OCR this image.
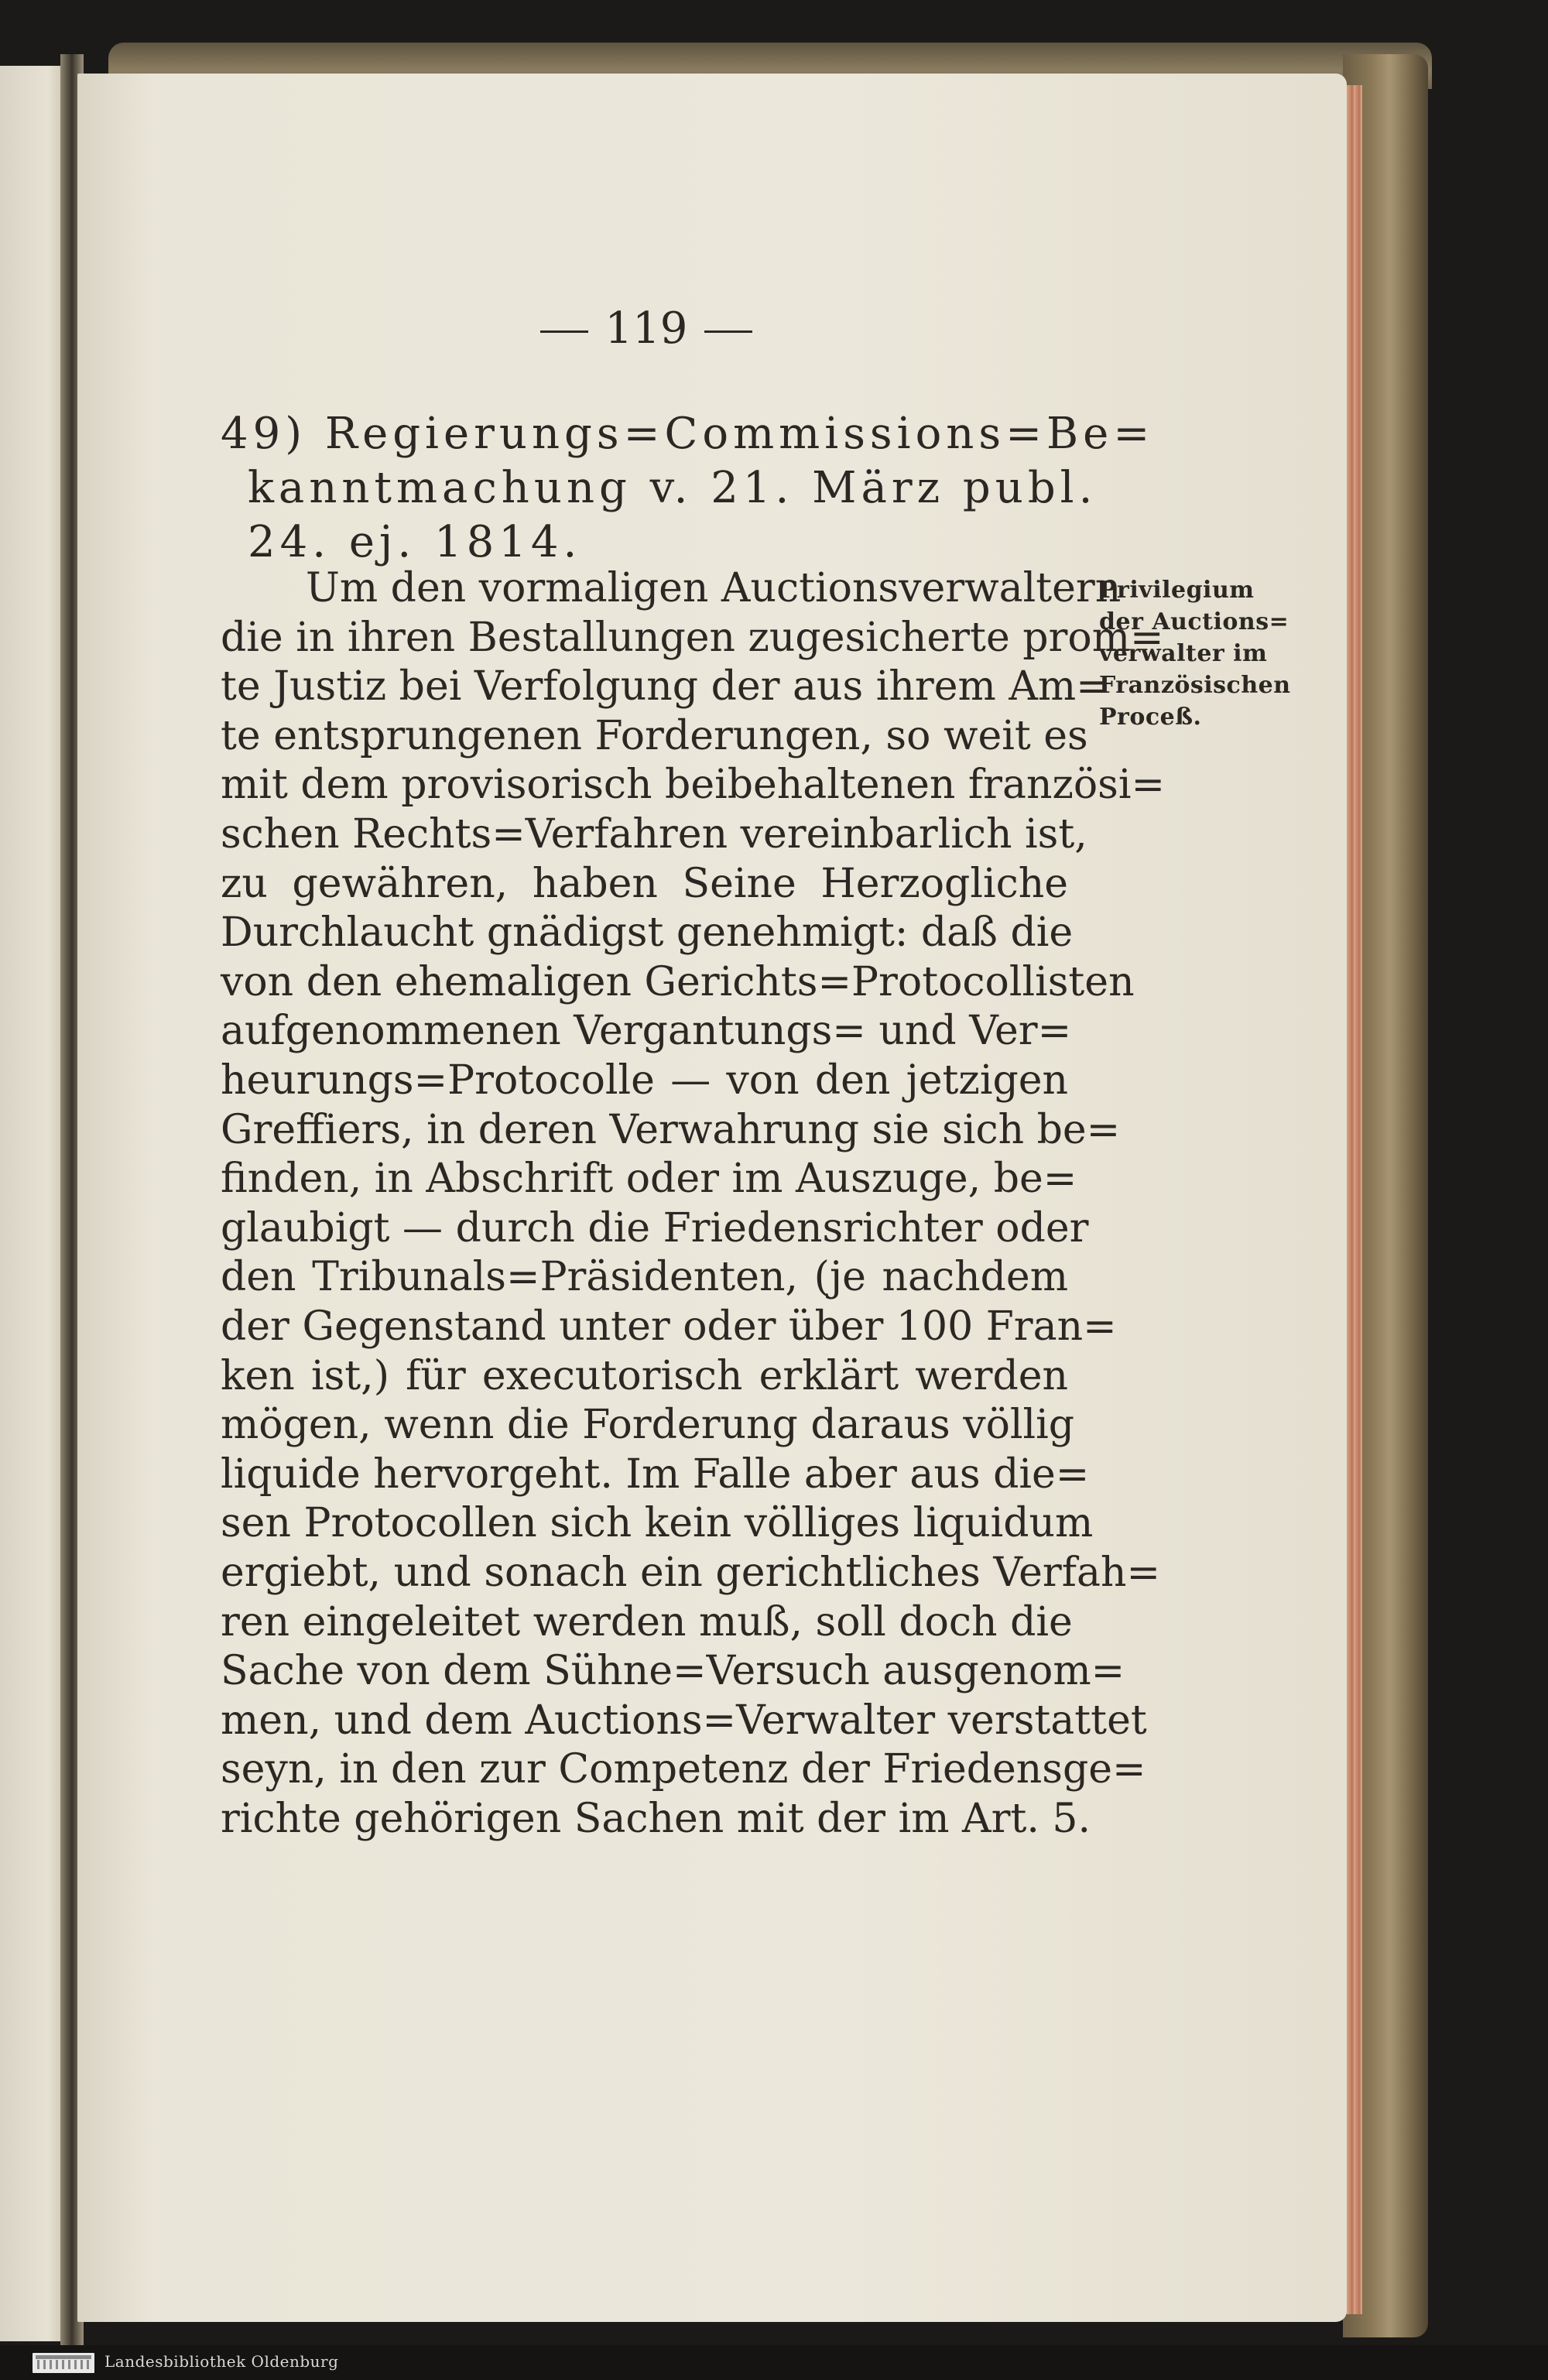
119
49) Regierungs=Commissions=Be=
kanntmachung v. 21. März publ.
24. ej. 1814.
Um den vormaligen Auctionsverwaltern
die in ihren Bestallungen zugesicherte prom=
te Justiz bei Verfolgung der aus ihrem Am=
te entsprungenen Forderungen, so weit es
mit dem provisorisch beibehaltenen französi=
schen Rechts=Verfahren vereinbarlich ist,
zu gewähren, haben Seine Herzogliche
Durchlaucht gnädigst genehmigt: daß die
von den ehemaligen Gerichts=Protocollisten
aufgenommenen Vergantungs= und Ver=
heurungs=Protocolle — von den jetzigen
Greffiers, in deren Verwahrung sie sich be=
finden, in Abschrift oder im Auszuge, be=
glaubigt — durch die Friedensrichter oder
den Tribunals=Präsidenten, (je nachdem
der Gegenstand unter oder über 100 Fran=
ken ist,) für executorisch erklärt werden
mögen, wenn die Forderung daraus völlig
liquide hervorgeht. Im Falle aber aus die=
sen Protocollen sich kein völliges liquidum
ergiebt, und sonach ein gerichtliches Verfah=
ren eingeleitet werden muß, soll doch die
Sache von dem Sühne=Versuch ausgenom=
men, und dem Auctions=Verwalter verstattet
seyn, in den zur Competenz der Friedensge=
richte gehörigen Sachen mit der im Art. 5.
Privilegium
der Auctions=
verwalter im
Französischen
Proceß.
Landesbibliothek Oldenburg
